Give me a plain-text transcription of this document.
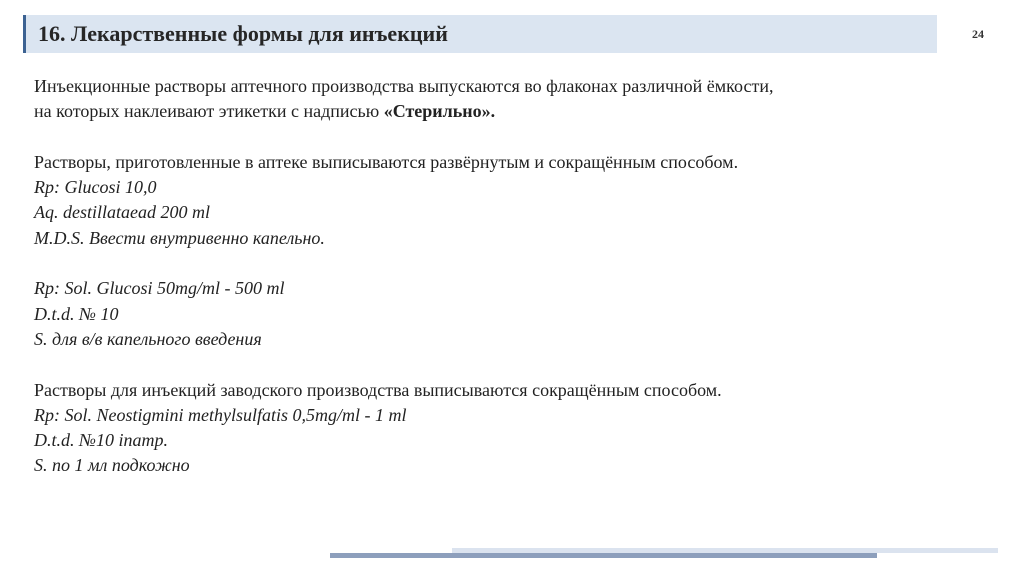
16. Лекарственные формы для инъекций	24

Инъекционные растворы аптечного производства выпускаются во флаконах различной ёмкости,

на которых наклеивают этикетки с надписью «Стерильно».

Растворы, приготовленные в аптеке выписываются развёрнутым и сокращённым способом.

Rp: Glucosi 10,0

Aq. destillataead 200 ml

M.D.S. Ввести внутривенно капельно.

Rp: Sol. Glucosi 50mg/ml - 500 ml

D.t.d. № 10

S. для в/в капельного введения

Растворы для инъекций заводского производства выписываются сокращённым способом.

Rp: Sol. Neostigmini methylsulfatis 0,5mg/ml - 1 ml

D.t.d. №10 inamp.

S. по 1 мл подкожно
